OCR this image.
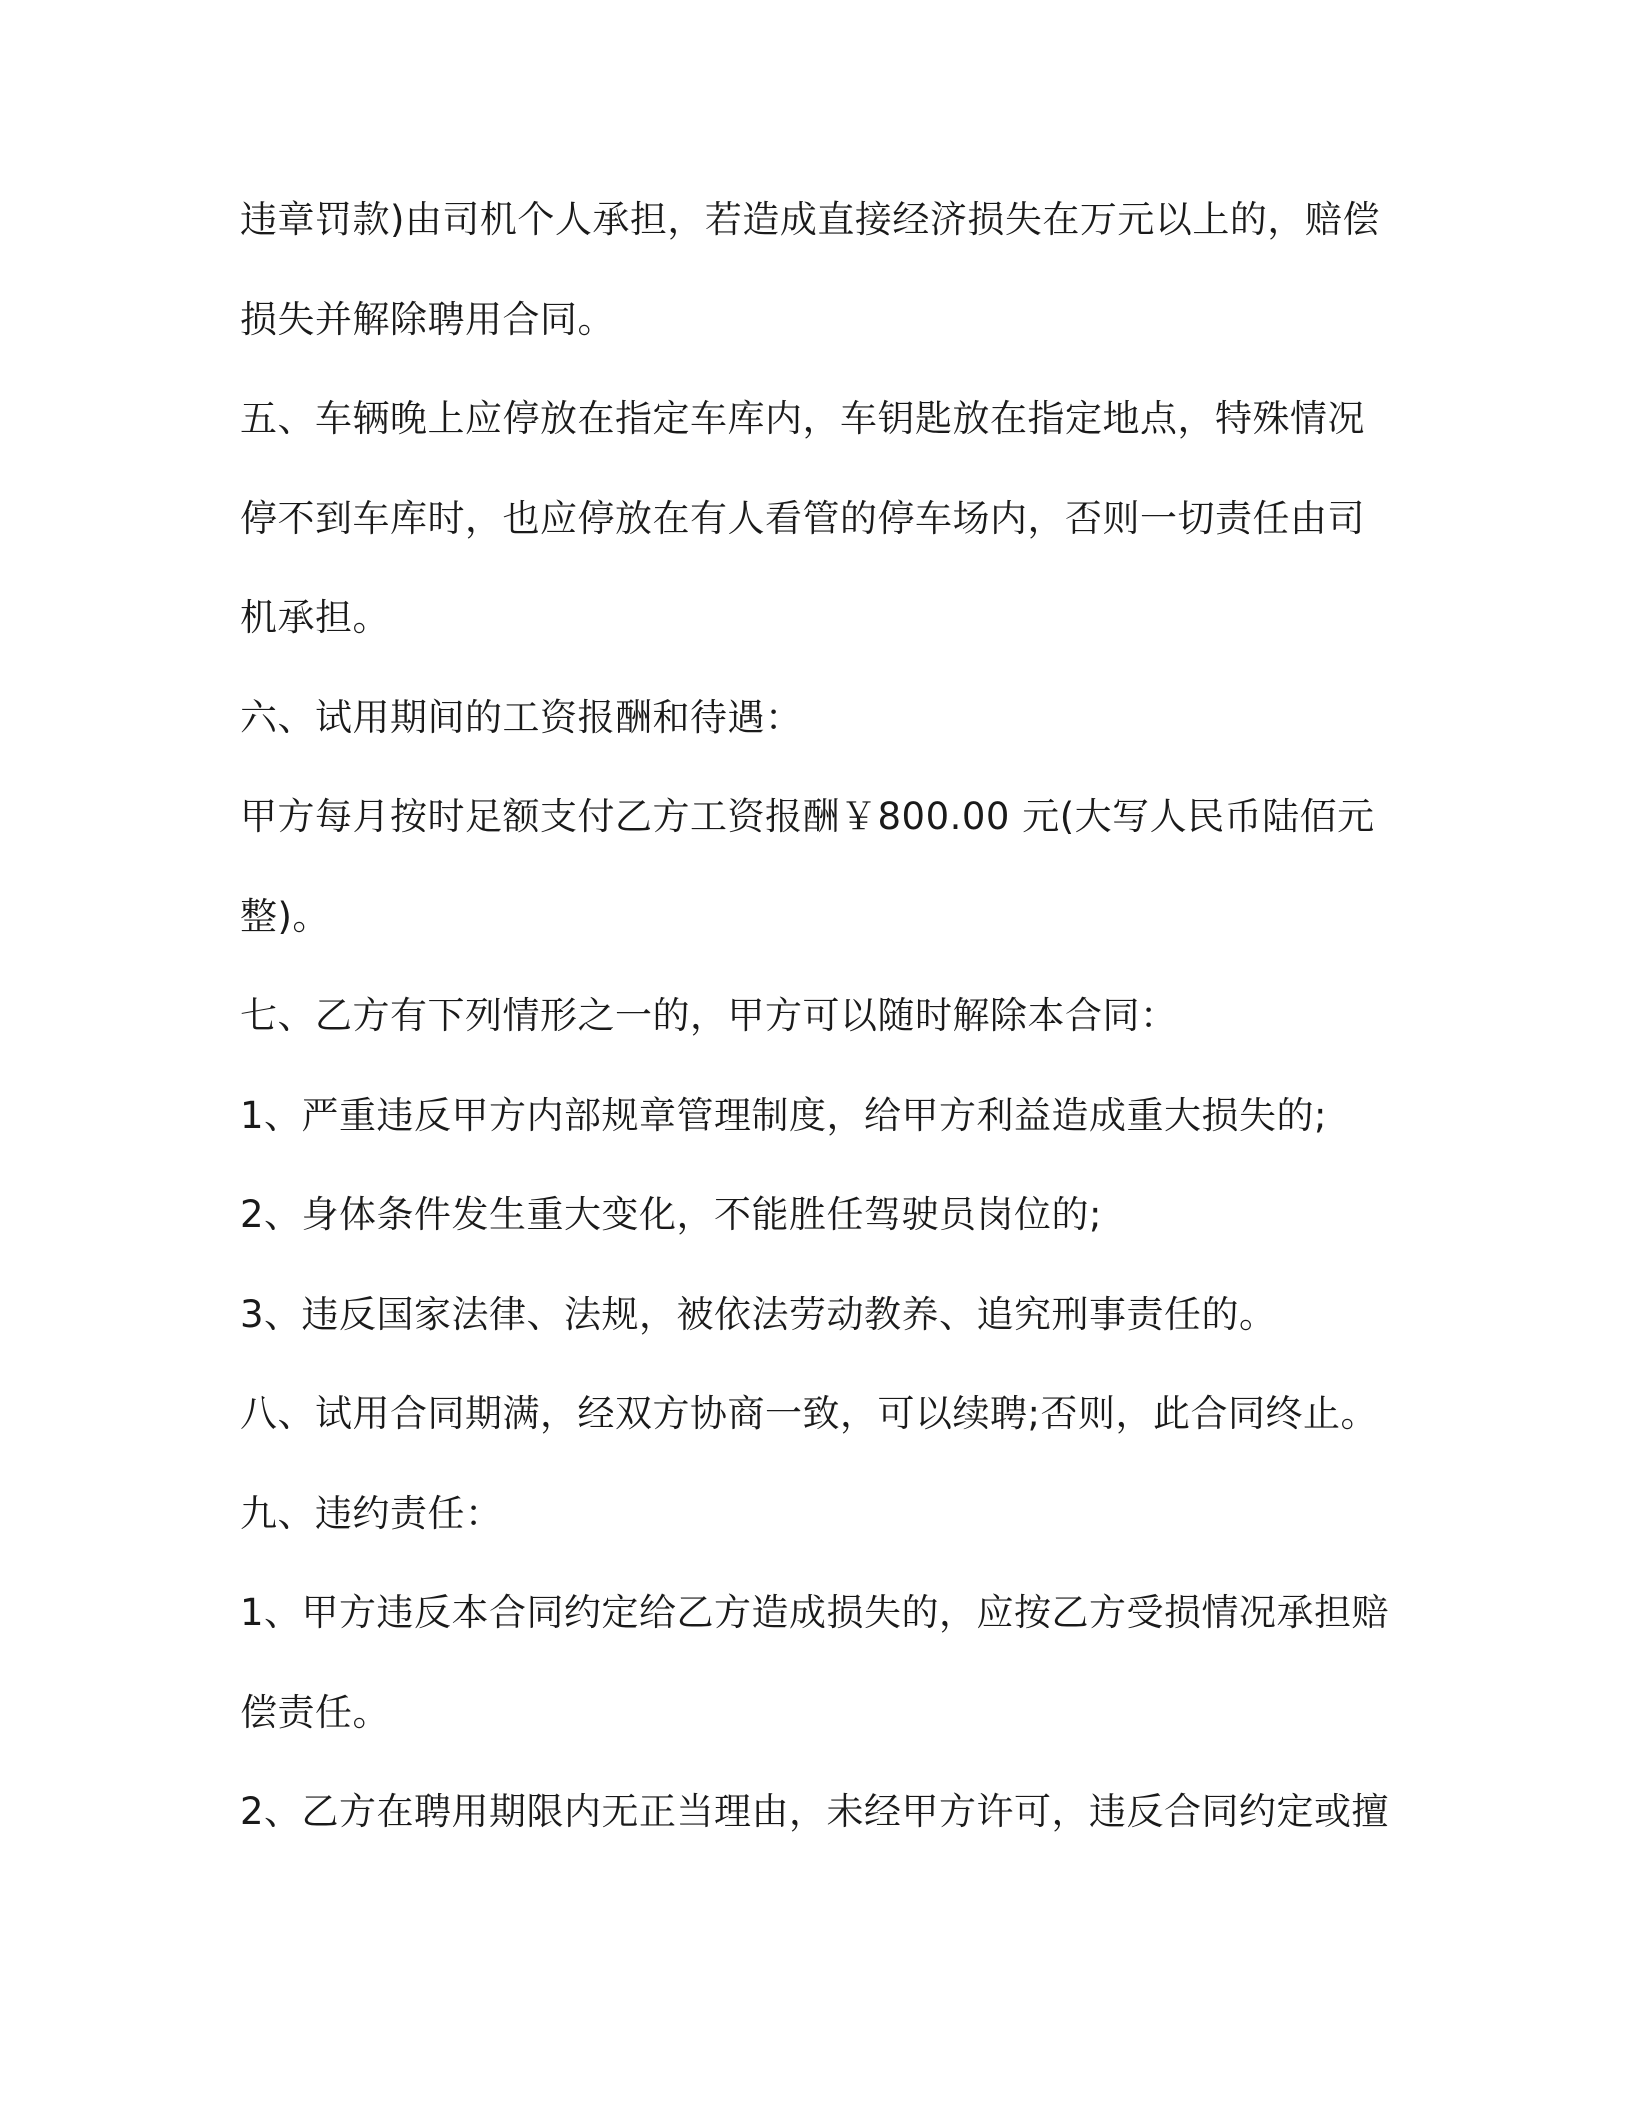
违章罚款)由司机个人承担，若造成直接经济损失在万元以上的，赔偿
损失并解除聘用合同。
五、车辆晚上应停放在指定车库内，车钥匙放在指定地点，特殊情况
停不到车库时，也应停放在有人看管的停车场内，否则一切责任由司
机承担。
六、试用期间的工资报酬和待遇：
甲方每月按时足额支付乙方工资报酬￥800.00 元(大写人民币陆佰元
整)。
七、乙方有下列情形之一的，甲方可以随时解除本合同：
1、严重违反甲方内部规章管理制度，给甲方利益造成重大损失的;
2、身体条件发生重大变化，不能胜任驾驶员岗位的;
3、违反国家法律、法规，被依法劳动教养、追究刑事责任的。
八、试用合同期满，经双方协商一致，可以续聘;否则，此合同终止。
九、违约责任：
1、甲方违反本合同约定给乙方造成损失的，应按乙方受损情况承担赔
偿责任。
2、乙方在聘用期限内无正当理由，未经甲方许可，违反合同约定或擅
